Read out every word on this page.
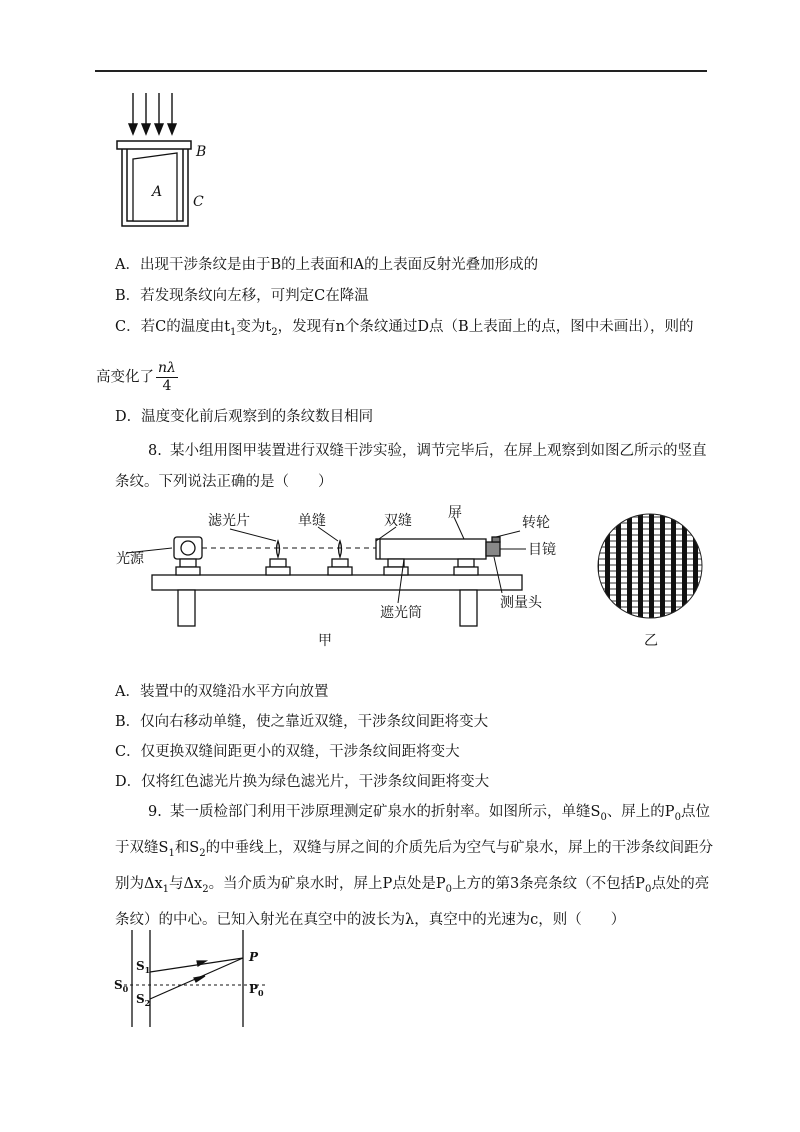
B
A
C
A．出现干涉条纹是由于B的上表面和A的上表面反射光叠加形成的
B．若发现条纹向左移，可判定C在降温
C．若C的温度由$t_1$变为$t_2$，发现有n个条纹通过D点（B上表面上的点，图中未画出），则的
高变化了 $\frac{n\lambda}{4}$
D．温度变化前后观察到的条纹数目相同
8. 某小组用图甲装置进行双缝干涉实验，调节完毕后，在屏上观察到如图乙所示的竖直条纹。下列说法正确的是（　　）
光源
滤光片	单缝	双缝	屏
转轮
目镜
遮光筒
测量头
甲	乙
A．装置中的双缝沿水平方向放置
B．仅向右移动单缝，使之靠近双缝，干涉条纹间距将变大
C．仅更换双缝间距更小的双缝，干涉条纹间距将变大
D．仅将红色滤光片换为绿色滤光片，干涉条纹间距将变大
9. 某一质检部门利用干涉原理测定矿泉水的折射率。如图所示，单缝$S_0$、屏上的$P_0$点位于双缝$S_1$和$S_2$的中垂线上，双缝与屏之间的介质先后为空气与矿泉水，屏上的干涉条纹间距分别为$\Delta x_1$与$\Delta x_2$。当介质为矿泉水时，屏上P点处是$P_0$上方的第3条亮条纹（不包括$P_0$点处的亮条纹）的中心。已知入射光在真空中的波长为λ，真空中的光速为c，则（　　）
$S_0$
$S_1$
$S_2$
P
$P_0$
